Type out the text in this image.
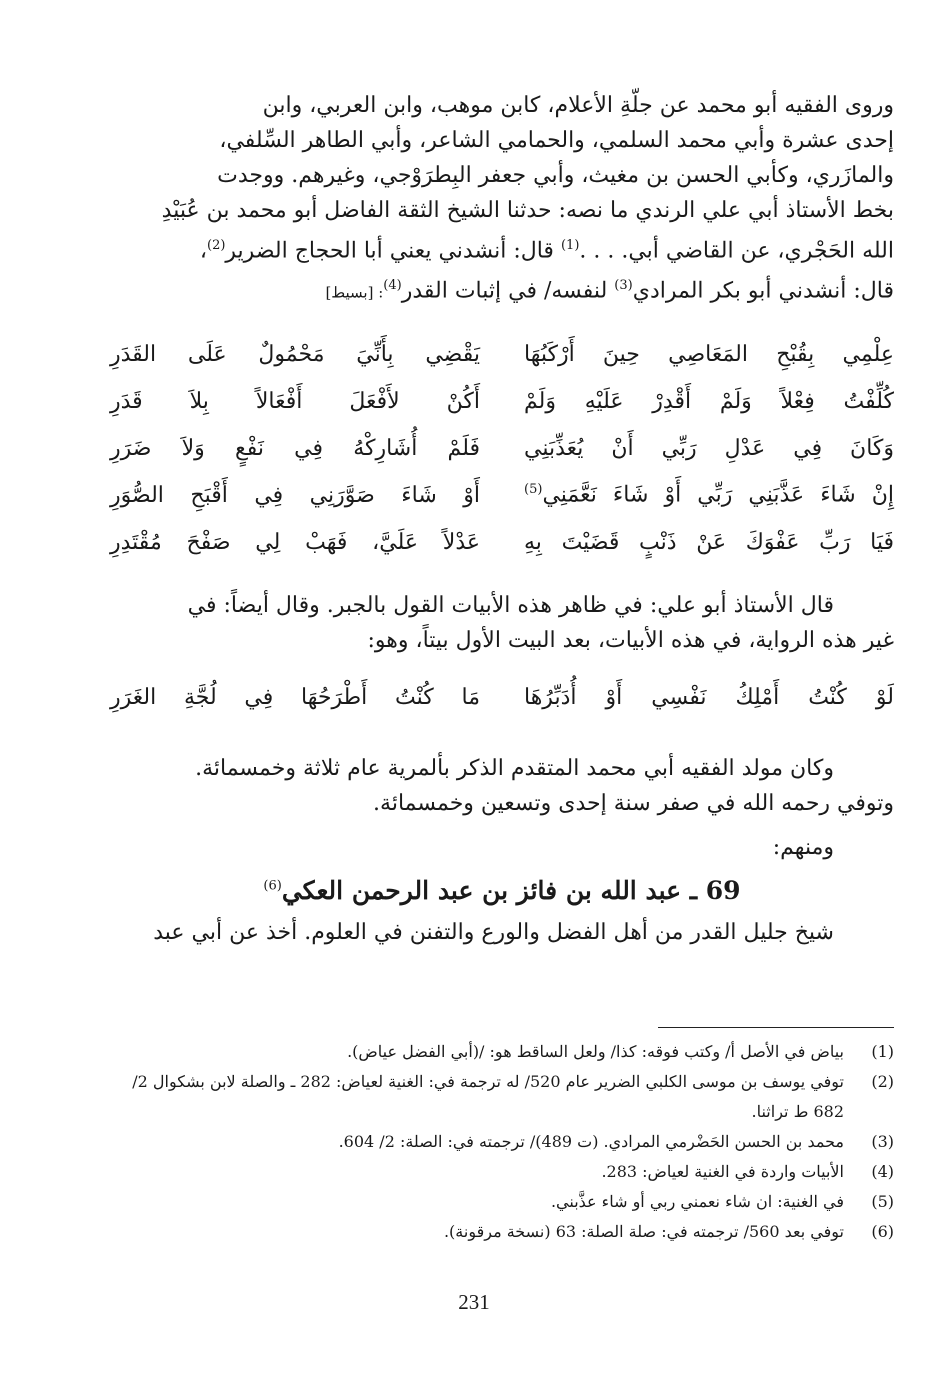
وروى الفقيه أبو محمد عن جلّةِ الأعلام، كابن موهب، وابن العربي، وابن
إحدى عشرة وأبي محمد السلمي، والحمامي الشاعر، وأبي الطاهر السِّلفي،
والمازَري، وكأبي الحسن بن مغيث، وأبي جعفر البِطرَوْجي، وغيرهم. ووجدت
بخط الأستاذ أبي علي الرندي ما نصه: حدثنا الشيخ الثقة الفاضل أبو محمد بن عُبَيْدِ
الله الحَجْري، عن القاضي أبي. . . .$^{(1)}$ قال: أنشدني يعني أبا الحجاج الضرير$^{(2)}$،
قال: أنشدني أبو بكر المرادي$^{(3)}$ لنفسه/ في إثبات القدر$^{(4)}$: [بسيط]

عِلْمِي بِقُبْحِ المَعَاصِي حِينَ أَرْكَبُهَا
يَقْضِي بِأَنِّيَ مَحْمُولٌ عَلَى القَدَرِ
كُلِّفْتُ فِعْلاً وَلَمْ أَقْدِرْ عَلَيْهِ وَلَمْ
أَكُنْ لأَفْعَلَ أَفْعَالاً بِلاَ قَدَرِ
وَكَانَ فِي عَدْلِ رَبِّي أَنْ يُعَذِّبَنِي
فَلَمْ أُشَارِكْهُ فِي نَفْعٍ وَلاَ ضَرَرِ
إِنْ شَاءَ عَذَّبَنِي رَبِّي أَوْ شَاءَ نَعَّمَنِي$^{(5)}$
أَوْ شَاءَ صَوَّرَنِي فِي أَقْبَحِ الصُّوَرِ
فَيَا رَبِّ عَفْوَكَ عَنْ ذَنْبٍ قَضَيْتَ بِهِ
عَدْلاً عَلَيَّ، فَهَبْ لِي صَفْحَ مُقْتَدِرِ

قال الأستاذ أبو علي: في ظاهر هذه الأبيات القول بالجبر. وقال أيضاً: في
غير هذه الرواية، في هذه الأبيات، بعد البيت الأول بيتاً، وهو:

لَوْ كُنْتُ أَمْلِكُ نَفْسِي أَوْ أُدَبِّرُهَا
مَا كُنْتُ أَطْرَحُهَا فِي لُجَّةِ الغَرَرِ

وكان مولد الفقيه أبي محمد المتقدم الذكر بألمرية عام ثلاثة وخمسمائة.
وتوفي رحمه الله في صفر سنة إحدى وتسعين وخمسمائة.

ومنهم:
69 ـ عبد الله بن فائز بن عبد الرحمن العكي$^{(6)}$

شيخ جليل القدر من أهل الفضل والورع والتفنن في العلوم. أخذ عن أبي عبد

(1)
بياض في الأصل أ/ وكتب فوقه: كذا/ ولعل الساقط هو: /(أبي الفضل عياض).
(2)
توفي يوسف بن موسى الكلبي الضرير عام 520/ له ترجمة في: الغنية لعياض: 282 ـ والصلة لابن بشكوال 2/ 682 ط تراثنا.
(3)
محمد بن الحسن الحَضْرمي المرادي. (ت 489)/ ترجمته في: الصلة: 2/ 604.
(4)
الأبيات واردة في الغنية لعياض: 283.
(5)
في الغنية: ان شاء نعمني ربي أو شاء عذَّبني.
(6)
توفي بعد 560/ ترجمته في: صلة الصلة: 63 (نسخة مرقونة).
231
